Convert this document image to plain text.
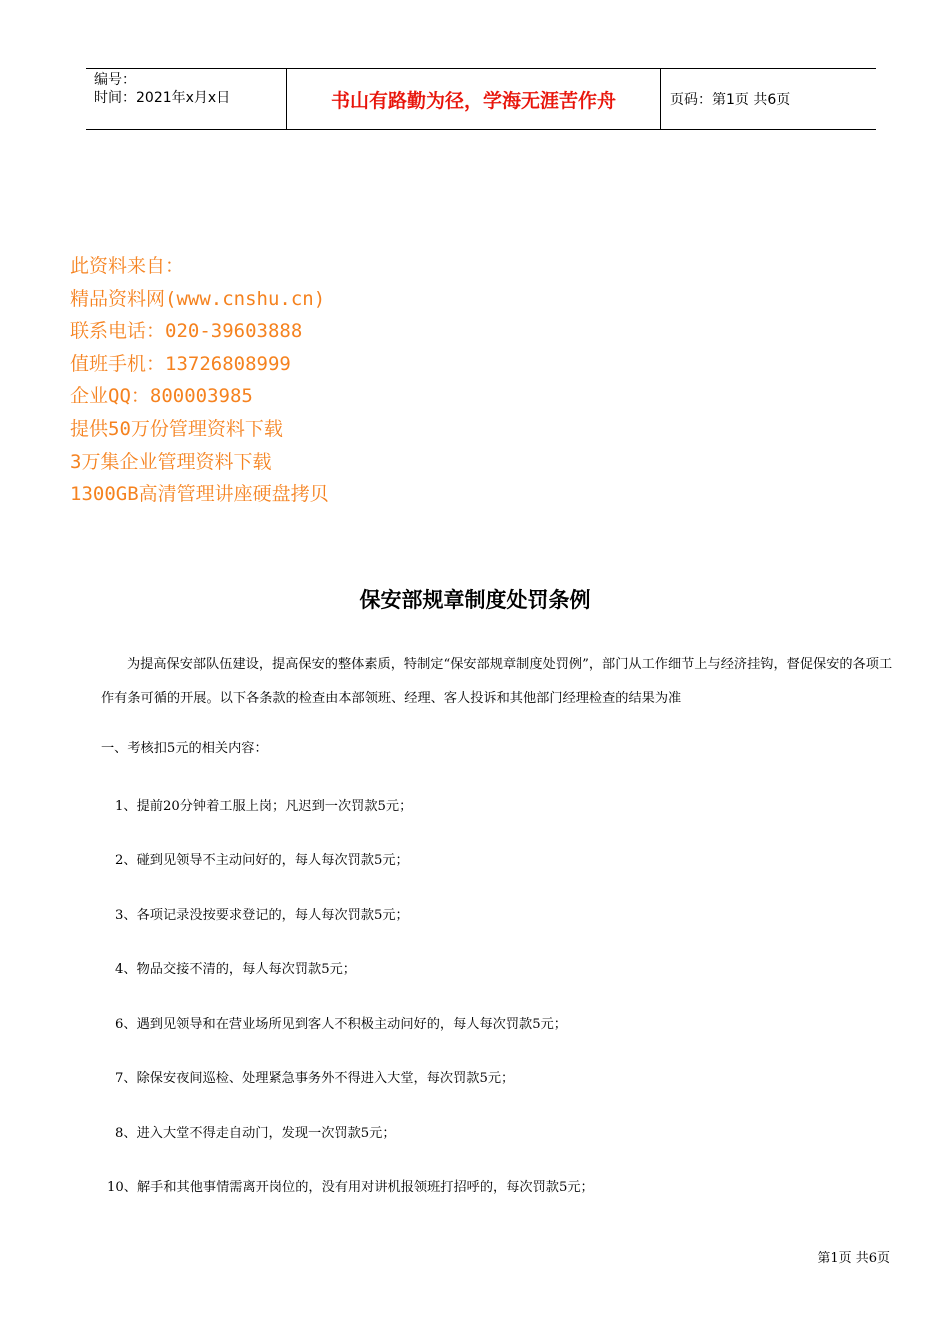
编号：
时间：2021年x月x日	书山有路勤为径，学海无涯苦作舟	页码：第1页 共6页
此资料来自：
精品资料网(www.cnshu.cn)
联系电话：020-39603888
值班手机：13726808999
企业QQ：800003985
提供50万份管理资料下载
3万集企业管理资料下载
1300GB高清管理讲座硬盘拷贝
保安部规章制度处罚条例

为提高保安部队伍建设，提高保安的整体素质，特制定“保安部规章制度处罚例”，部门从工作细节上与经济挂钩，督促保安的各项工作有条可循的开展。以下各条款的检查由本部领班、经理、客人投诉和其他部门经理检查的结果为准

一、考核扣5元的相关内容：
1、提前20分钟着工服上岗；凡迟到一次罚款5元；
2、碰到见领导不主动问好的，每人每次罚款5元；
3、各项记录没按要求登记的，每人每次罚款5元；
4、物品交接不清的，每人每次罚款5元；
6、遇到见领导和在营业场所见到客人不积极主动问好的，每人每次罚款5元；
7、除保安夜间巡检、处理紧急事务外不得进入大堂，每次罚款5元；
8、进入大堂不得走自动门，发现一次罚款5元；
10、解手和其他事情需离开岗位的，没有用对讲机报领班打招呼的，每次罚款5元；
第1页 共6页
